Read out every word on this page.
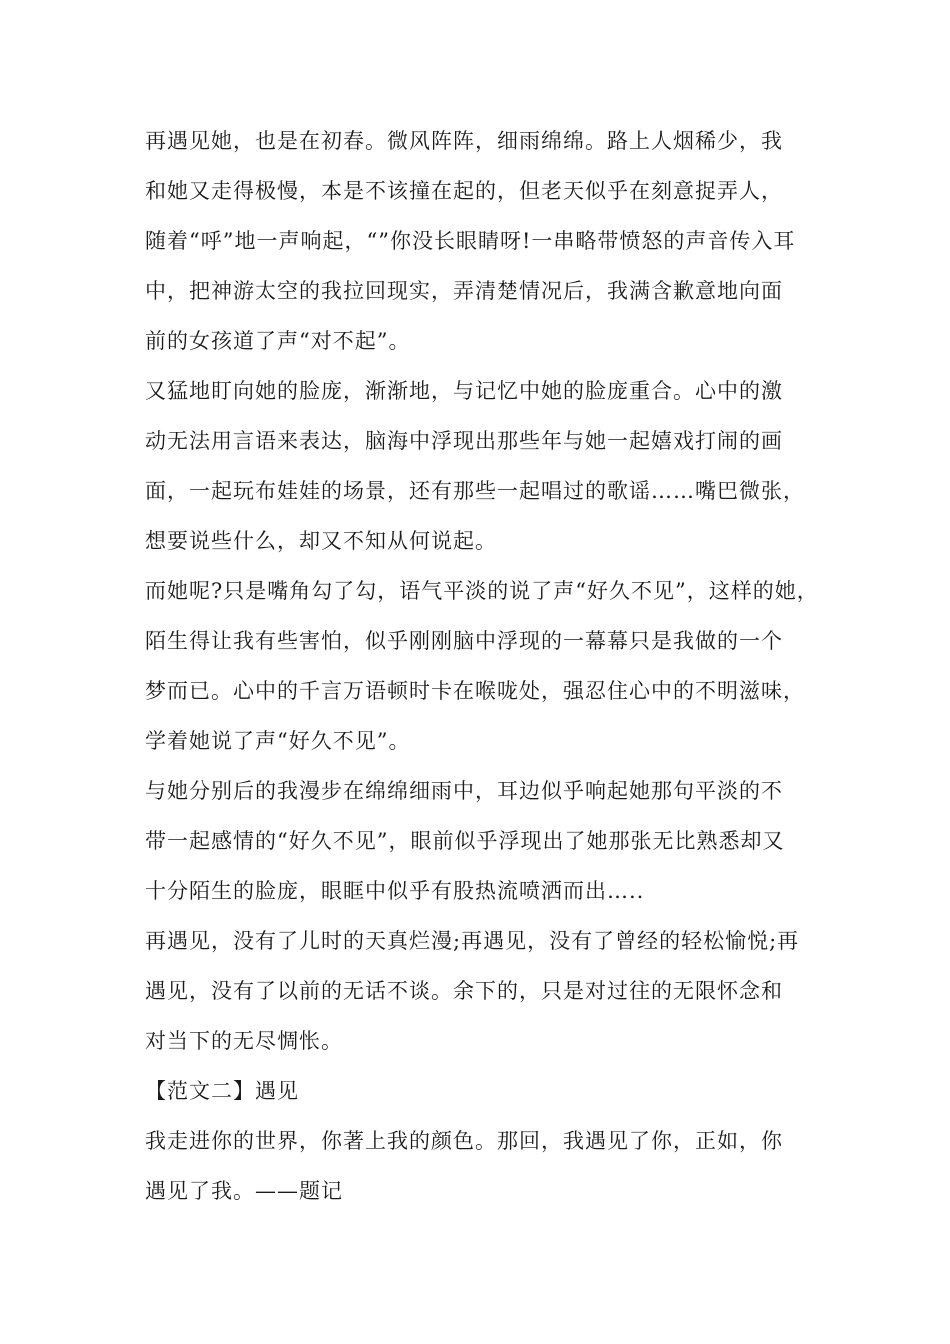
再遇见她，也是在初春。微风阵阵，细雨绵绵。路上人烟稀少，我
和她又走得极慢，本是不该撞在起的，但老天似乎在刻意捉弄人，
随着“呼”地一声响起，“”你没长眼睛呀!一串略带愤怒的声音传入耳
中，把神游太空的我拉回现实，弄清楚情况后，我满含歉意地向面
前的女孩道了声“对不起”。

又猛地盯向她的脸庞，渐渐地，与记忆中她的脸庞重合。心中的激
动无法用言语来表达，脑海中浮现出那些年与她一起嬉戏打闹的画
面，一起玩布娃娃的场景，还有那些一起唱过的歌谣……嘴巴微张，
想要说些什么，却又不知从何说起。

而她呢?只是嘴角勾了勾，语气平淡的说了声“好久不见”，这样的她，
陌生得让我有些害怕，似乎刚刚脑中浮现的一幕幕只是我做的一个
梦而已。心中的千言万语顿时卡在喉咙处，强忍住心中的不明滋味，
学着她说了声“好久不见”。

与她分别后的我漫步在绵绵细雨中，耳边似乎响起她那句平淡的不
带一起感情的“好久不见”，眼前似乎浮现出了她那张无比熟悉却又
十分陌生的脸庞，眼眶中似乎有股热流喷洒而出…..

再遇见，没有了儿时的天真烂漫;再遇见，没有了曾经的轻松愉悦;再
遇见，没有了以前的无话不谈。余下的，只是对过往的无限怀念和
对当下的无尽惆怅。

【范文二】遇见

我走进你的世界，你著上我的颜色。那回，我遇见了你，正如，你
遇见了我。——题记
